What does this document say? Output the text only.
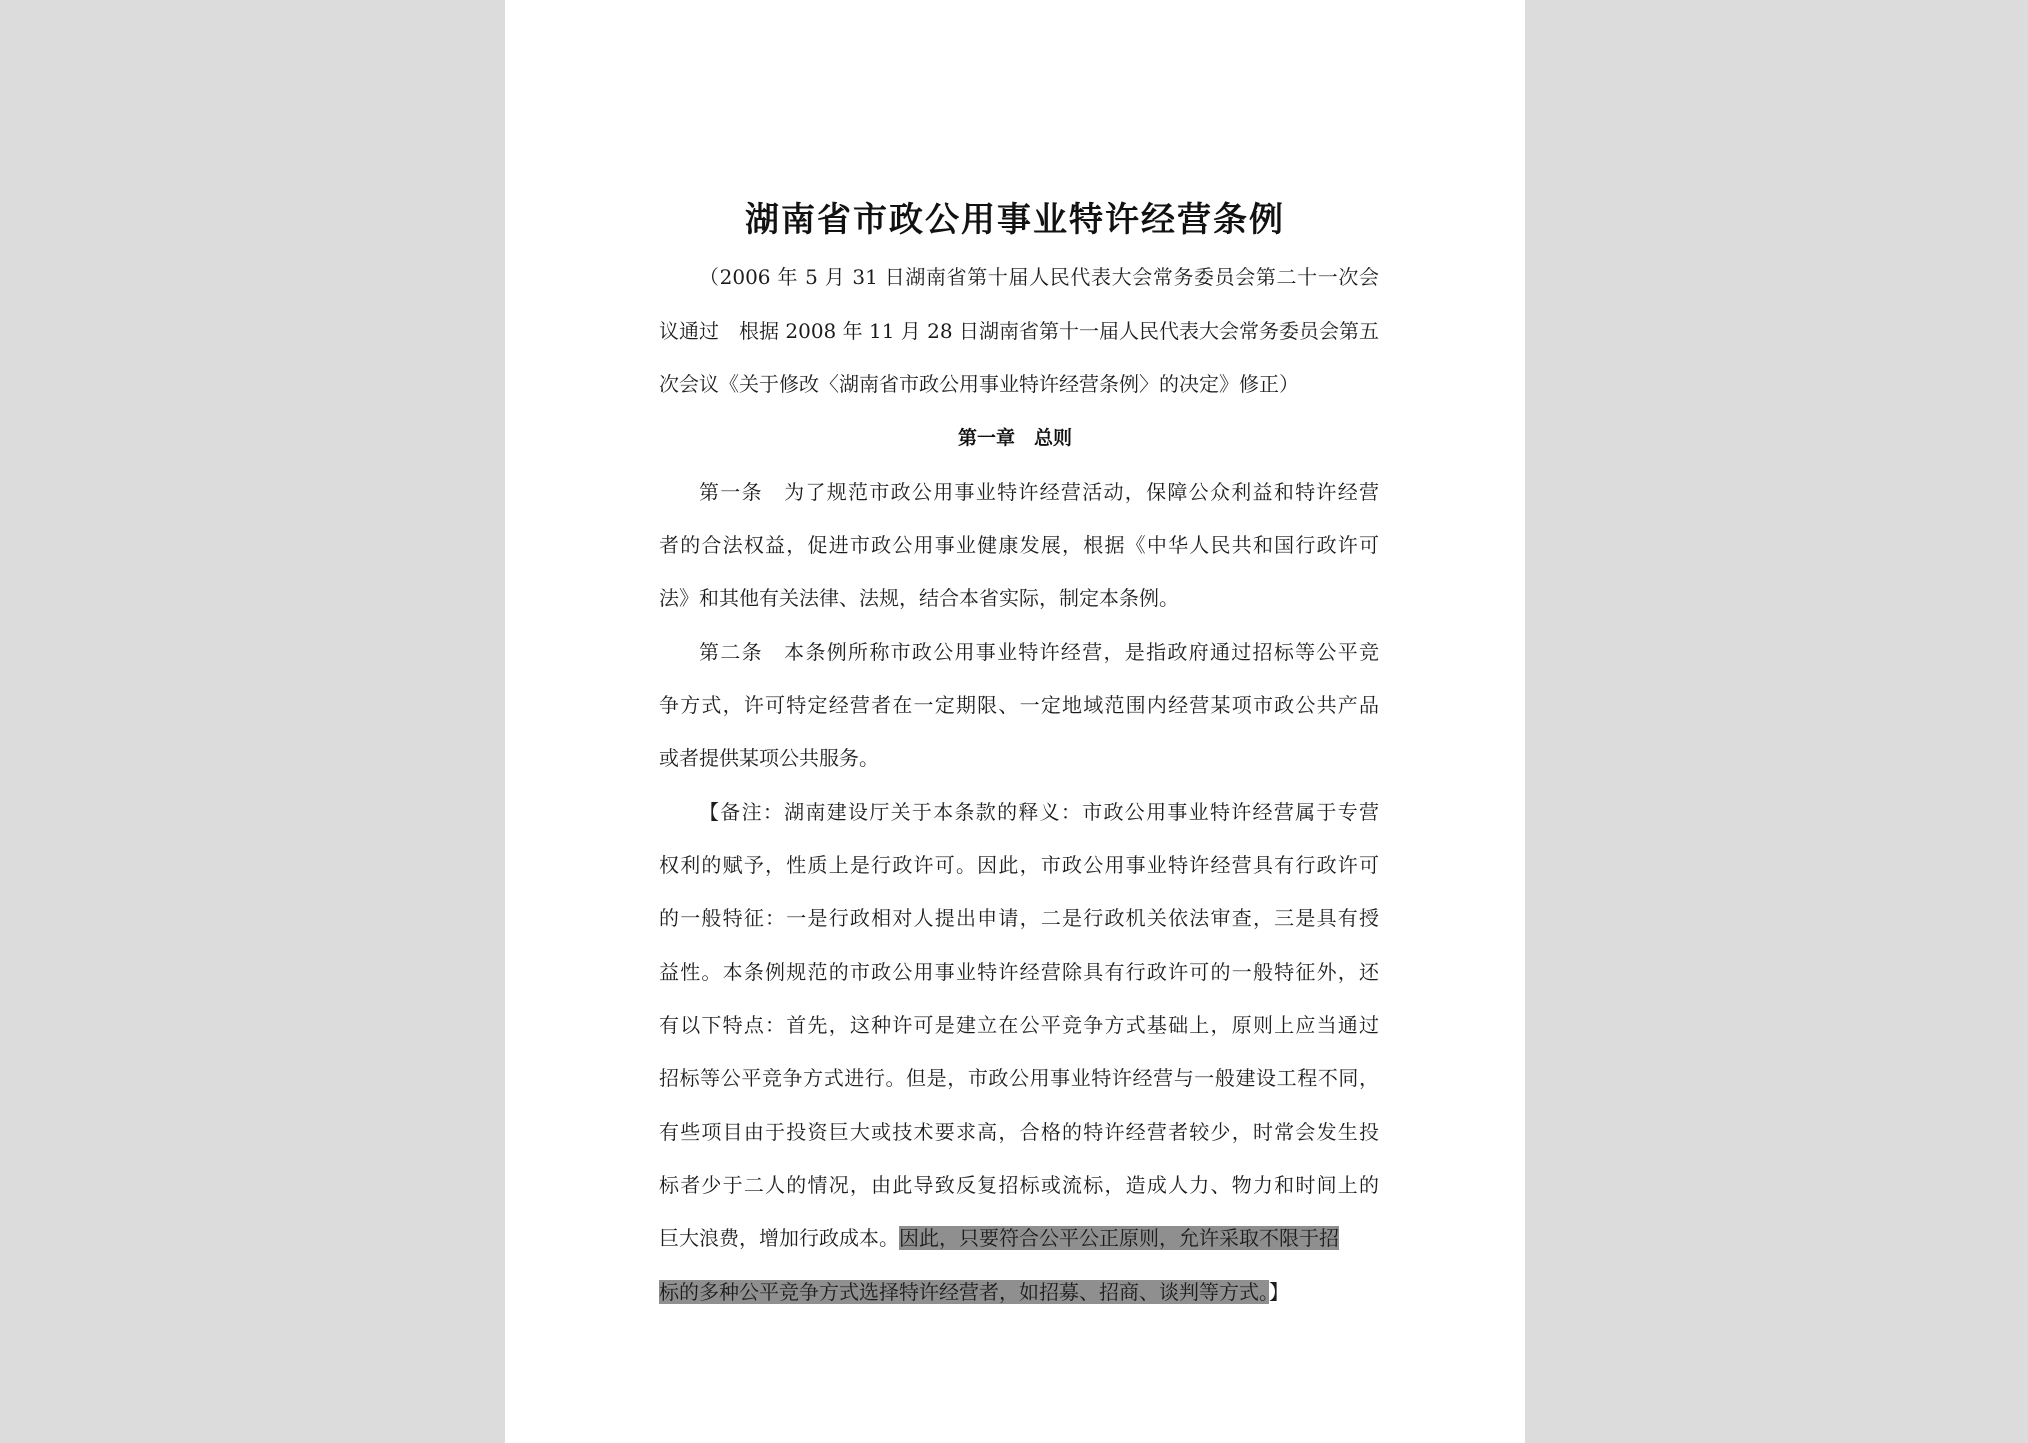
湖南省市政公用事业特许经营条例
（2006 年 5 月 31 日湖南省第十届人民代表大会常务委员会第二十一次会
议通过　根据 2008 年 11 月 28 日湖南省第十一届人民代表大会常务委员会第五
次会议《关于修改〈湖南省市政公用事业特许经营条例〉的决定》修正）
第一章　总则
第一条　为了规范市政公用事业特许经营活动，保障公众利益和特许经营
者的合法权益，促进市政公用事业健康发展，根据《中华人民共和国行政许可
法》和其他有关法律、法规，结合本省实际，制定本条例。
第二条　本条例所称市政公用事业特许经营，是指政府通过招标等公平竞
争方式，许可特定经营者在一定期限、一定地域范围内经营某项市政公共产品
或者提供某项公共服务。
【备注：湖南建设厅关于本条款的释义：市政公用事业特许经营属于专营
权利的赋予，性质上是行政许可。因此，市政公用事业特许经营具有行政许可
的一般特征：一是行政相对人提出申请，二是行政机关依法审查，三是具有授
益性。本条例规范的市政公用事业特许经营除具有行政许可的一般特征外，还
有以下特点：首先，这种许可是建立在公平竞争方式基础上，原则上应当通过
招标等公平竞争方式进行。但是，市政公用事业特许经营与一般建设工程不同，
有些项目由于投资巨大或技术要求高，合格的特许经营者较少，时常会发生投
标者少于二人的情况，由此导致反复招标或流标，造成人力、物力和时间上的
巨大浪费，增加行政成本。因此，只要符合公平公正原则，允许采取不限于招
标的多种公平竞争方式选择特许经营者，如招募、招商、谈判等方式。】
